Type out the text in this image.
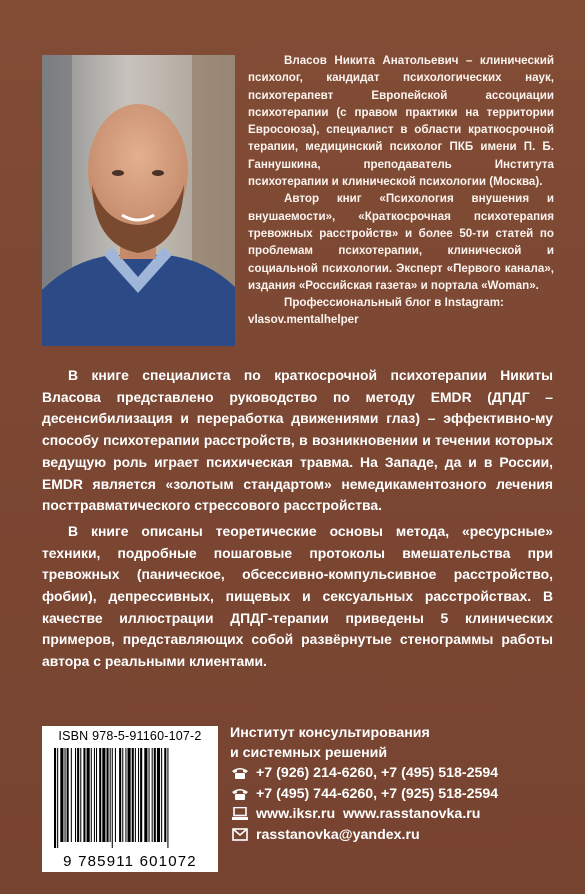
Власов Никита Анатольевич – клинический психолог, кандидат психологических наук, психотерапевт Европейской ассоциации психотерапии (с правом практики на территории Евросоюза), специалист в области краткосрочной терапии, медицинский психолог ПКБ имени П. Б. Ганнушкина, преподаватель Института психотерапии и клинической психологии (Москва).

Автор книг «Психология внушения и внушаемости», «Краткосрочная психотерапия тревожных расстройств» и более 50-ти статей по проблемам психотерапии, клинической и социальной психологии. Эксперт «Первого канала», издания «Российская газета» и портала «Woman».

Профессиональный блог в Instagram:

vlasov.mentalhelper

В книге специалиста по краткосрочной психотерапии Никиты Власова представлено руководство по методу EMDR (ДПДГ – десенсибилизация и переработка движениями глаз) – эффективно-му способу психотерапии расстройств, в возникновении и течении которых ведущую роль играет психическая травма. На Западе, да и в России, EMDR является «золотым стандартом» немедикаментозного лечения посттравматического стрессового расстройства.

В книге описаны теоретические основы метода, «ресурсные» техники, подробные пошаговые протоколы вмешательства при тревожных (паническое, обсессивно-компульсивное расстройство, фобии), депрессивных, пищевых и сексуальных расстройствах. В качестве иллюстрации ДПДГ-терапии приведены 5 клинических примеров, представляющих собой развёрнутые стенограммы работы автора с реальными клиентами.

ISBN 978-5-91160-107-2
9 785911 601072
Институт консультирования
и системных решений
+7 (926) 214-6260, +7 (495) 518-2594
+7 (495) 744-6260, +7 (925) 518-2594
www.iksr.ru  www.rasstanovka.ru
rasstanovka@yandex.ru
